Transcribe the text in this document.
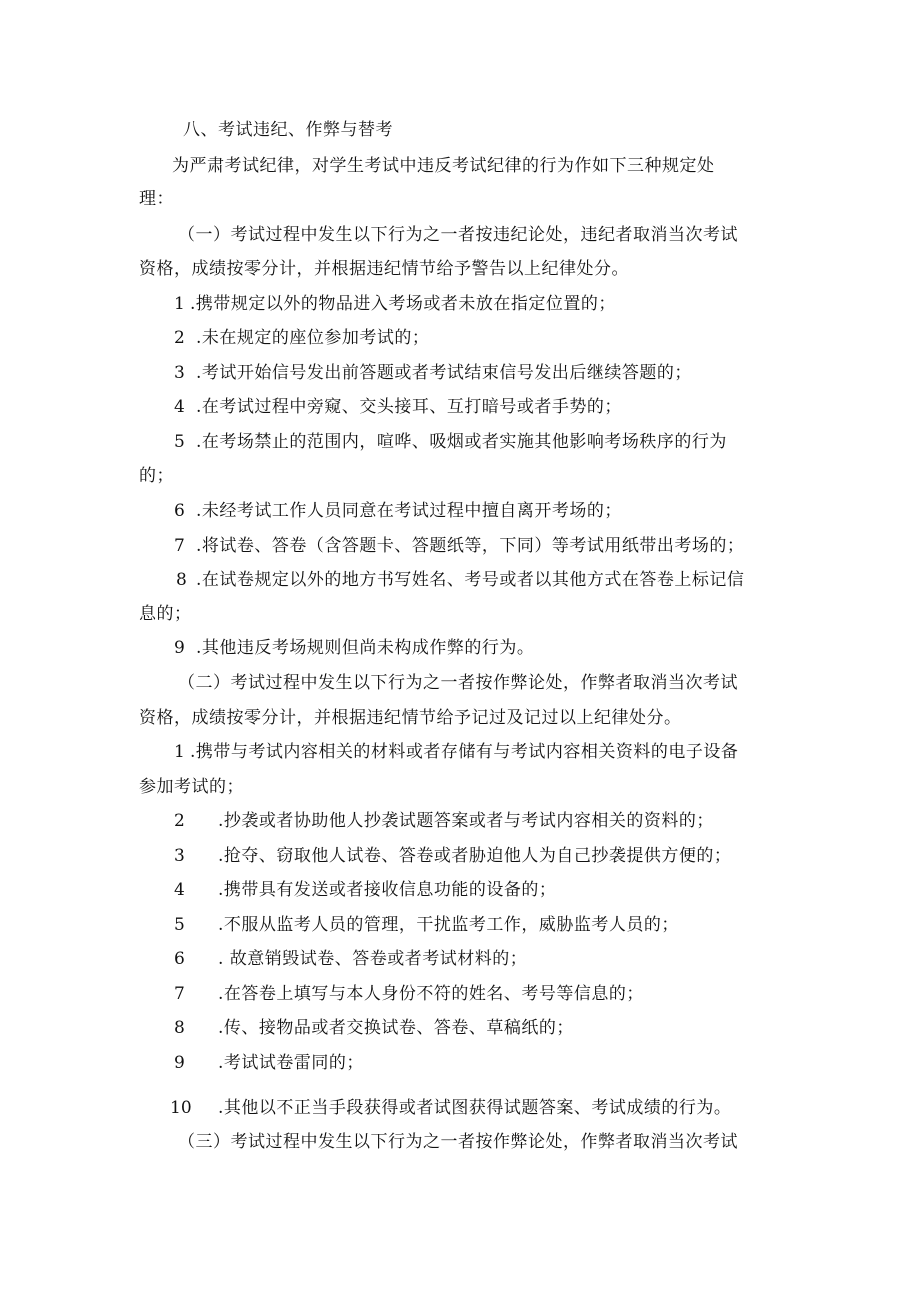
八、考试违纪、作弊与替考
为严肃考试纪律，对学生考试中违反考试纪律的行为作如下三种规定处
理：
（一）考试过程中发生以下行为之一者按违纪论处，违纪者取消当次考试
资格，成绩按零分计，并根据违纪情节给予警告以上纪律处分。
1 .携带规定以外的物品进入考场或者未放在指定位置的；
2 .未在规定的座位参加考试的；
3 .考试开始信号发出前答题或者考试结束信号发出后继续答题的；
4 .在考试过程中旁窥、交头接耳、互打暗号或者手势的；
5 .在考场禁止的范围内，喧哗、吸烟或者实施其他影响考场秩序的行为
的；
6 .未经考试工作人员同意在考试过程中擅自离开考场的；
7 .将试卷、答卷（含答题卡、答题纸等，下同）等考试用纸带出考场的；
8 .在试卷规定以外的地方书写姓名、考号或者以其他方式在答卷上标记信
息的；
9 .其他违反考场规则但尚未构成作弊的行为。
（二）考试过程中发生以下行为之一者按作弊论处，作弊者取消当次考试
资格，成绩按零分计，并根据违纪情节给予记过及记过以上纪律处分。
1 .携带与考试内容相关的材料或者存储有与考试内容相关资料的电子设备
参加考试的；
2 .抄袭或者协助他人抄袭试题答案或者与考试内容相关的资料的；
3 .抢夺、窃取他人试卷、答卷或者胁迫他人为自己抄袭提供方便的；
4 .携带具有发送或者接收信息功能的设备的；
5 .不服从监考人员的管理，干扰监考工作，威胁监考人员的；
6 . 故意销毁试卷、答卷或者考试材料的；
7 .在答卷上填写与本人身份不符的姓名、考号等信息的；
8 .传、接物品或者交换试卷、答卷、草稿纸的；
9 .考试试卷雷同的；
10 .其他以不正当手段获得或者试图获得试题答案、考试成绩的行为。
（三）考试过程中发生以下行为之一者按作弊论处，作弊者取消当次考试
